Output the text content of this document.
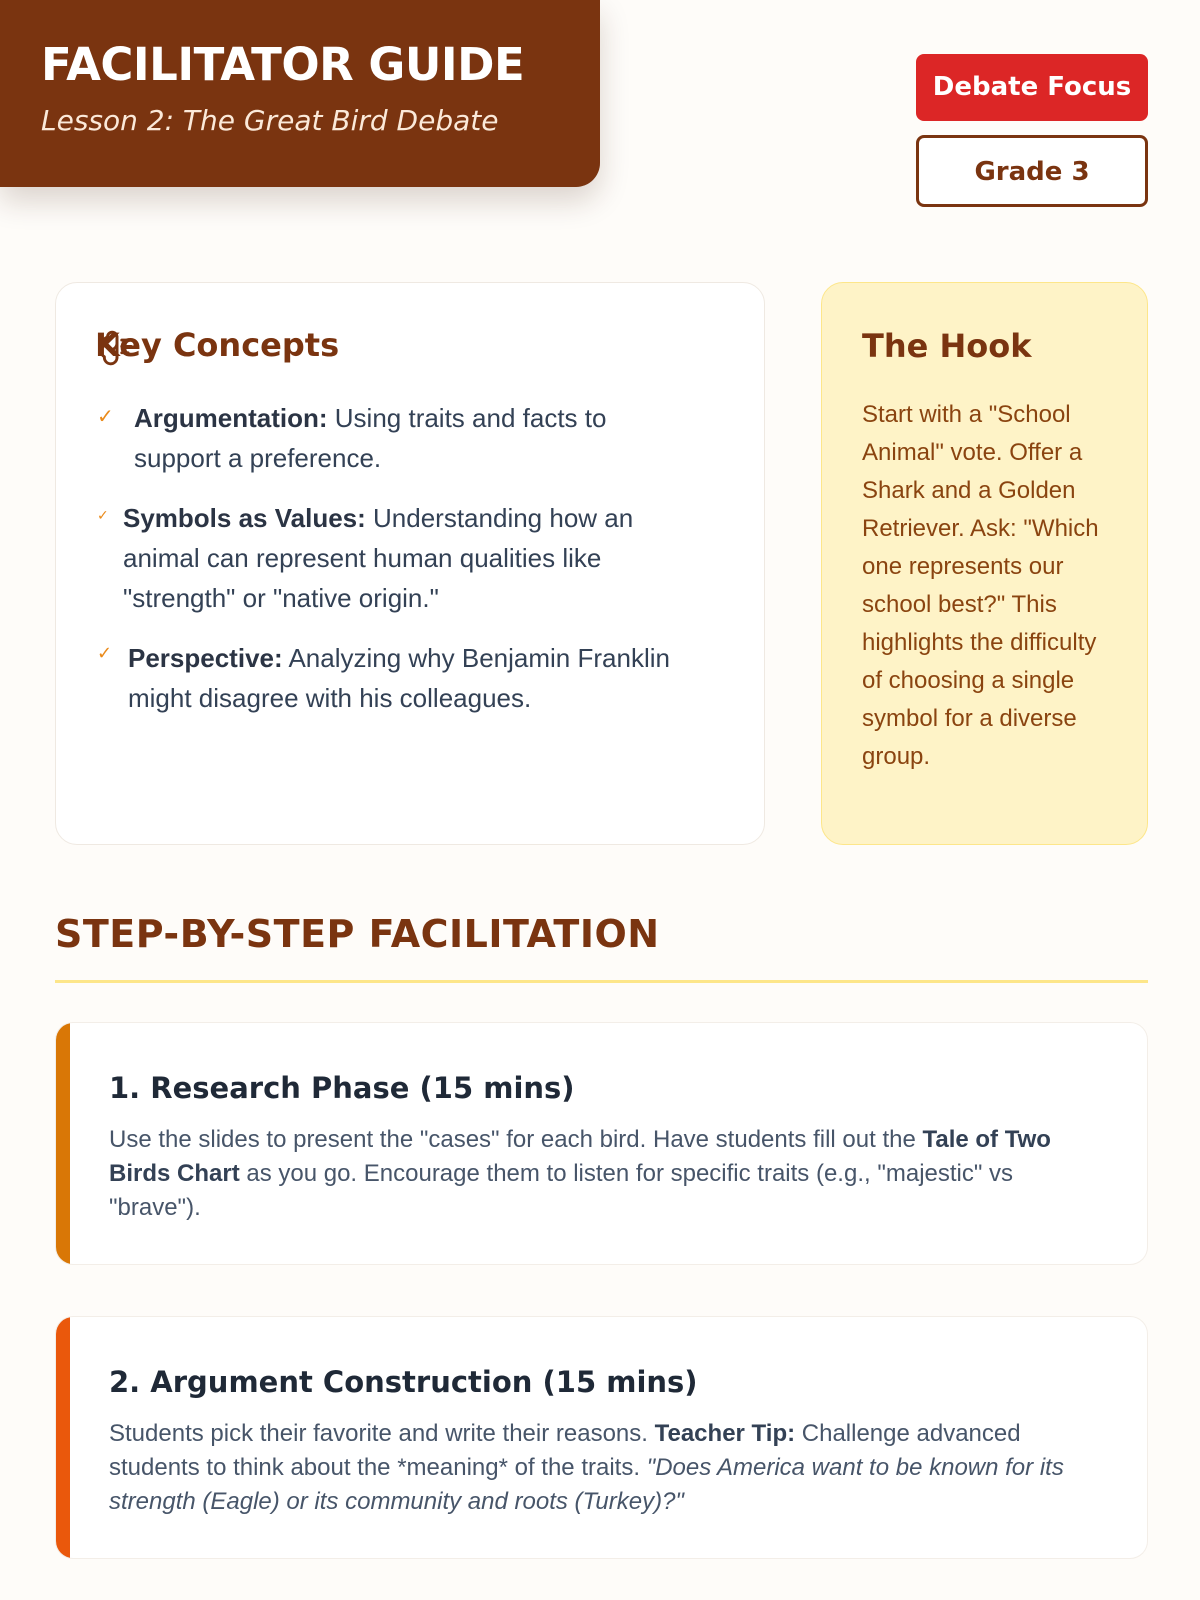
FACILITATOR GUIDE
Lesson 2: The Great Bird Debate
Debate Focus
Grade 3
Key Concepts
✓ Argumentation: Using traits and facts to support a preference.
✓ Symbols as Values: Understanding how an animal can represent human qualities like "strength" or "native origin."
✓ Perspective: Analyzing why Benjamin Franklin might disagree with his colleagues.
The Hook
Start with a "School Animal" vote. Offer a Shark and a Golden Retriever. Ask: "Which one represents our school best?" This highlights the difficulty of choosing a single symbol for a diverse group.
STEP-BY-STEP FACILITATION
1. Research Phase (15 mins)
Use the slides to present the "cases" for each bird. Have students fill out the Tale of Two Birds Chart as you go. Encourage them to listen for specific traits (e.g., "majestic" vs "brave").
2. Argument Construction (15 mins)
Students pick their favorite and write their reasons. Teacher Tip: Challenge advanced students to think about the *meaning* of the traits. "Does America want to be known for its strength (Eagle) or its community and roots (Turkey)?"
